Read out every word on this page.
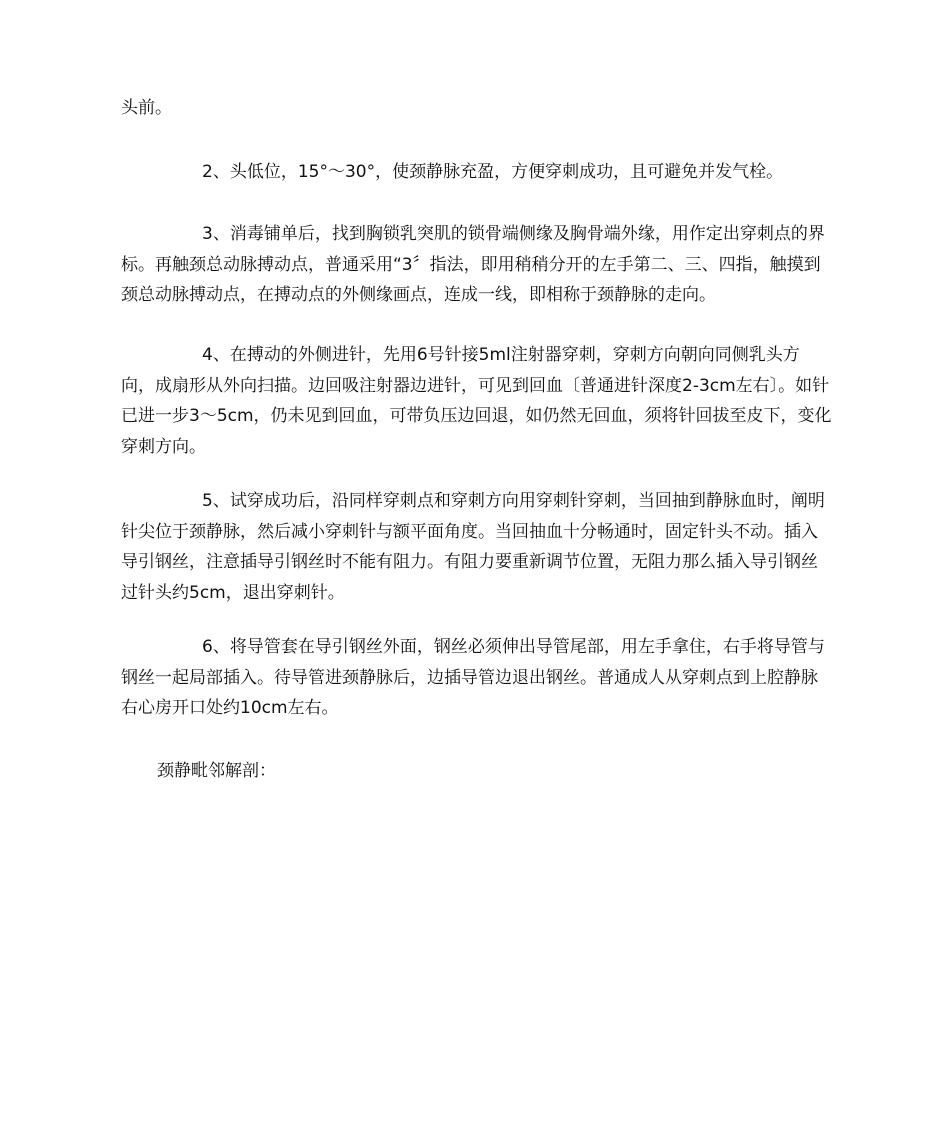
头前。

2、头低位，15°～30°，使颈静脉充盈，方便穿刺成功，且可避免并发气栓。

3、消毒铺单后，找到胸锁乳突肌的锁骨端侧缘及胸骨端外缘，用作定出穿刺点的界标。再触颈总动脉搏动点，普通采用“3〞指法，即用稍稍分开的左手第二、三、四指，触摸到颈总动脉搏动点，在搏动点的外侧缘画点，连成一线，即相称于颈静脉的走向。

4、在搏动的外侧进针，先用6号针接5ml注射器穿刺，穿刺方向朝向同侧乳头方向，成扇形从外向扫描。边回吸注射器边进针，可见到回血〔普通进针深度2-3cm左右〕。如针已进一步3～5cm，仍未见到回血，可带负压边回退，如仍然无回血，须将针回拔至皮下，变化穿刺方向。

5、试穿成功后，沿同样穿刺点和穿刺方向用穿刺针穿刺，当回抽到静脉血时，阐明针尖位于颈静脉，然后减小穿刺针与额平面角度。当回抽血十分畅通时，固定针头不动。插入导引钢丝，注意插导引钢丝时不能有阻力。有阻力要重新调节位置，无阻力那么插入导引钢丝过针头约5cm，退出穿刺针。

6、将导管套在导引钢丝外面，钢丝必须伸出导管尾部，用左手拿住，右手将导管与钢丝一起局部插入。待导管进颈静脉后，边插导管边退出钢丝。普通成人从穿刺点到上腔静脉右心房开口处约10cm左右。

颈静毗邻解剖：
